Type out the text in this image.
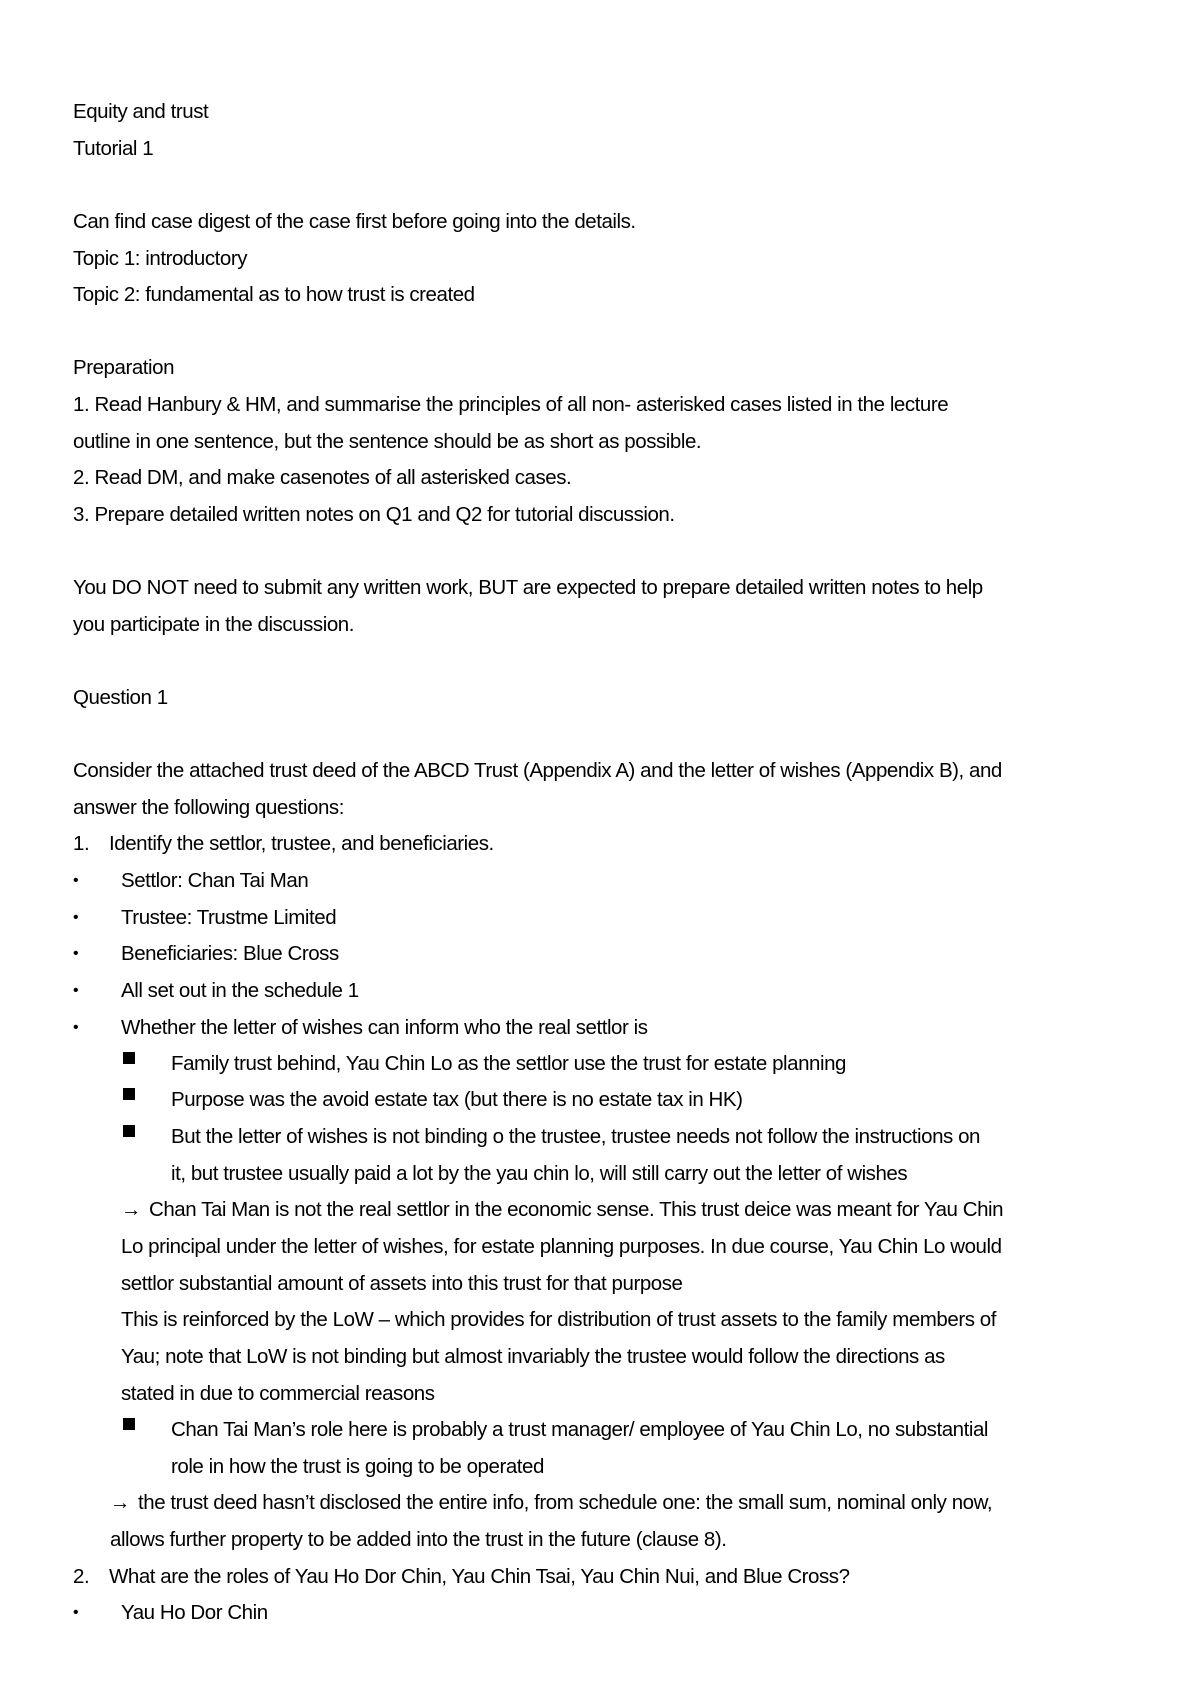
Equity and trust
Tutorial 1
Can find case digest of the case first before going into the details.
Topic 1: introductory
Topic 2: fundamental as to how trust is created
Preparation
1. Read Hanbury & HM, and summarise the principles of all non- asterisked cases listed in the lecture
outline in one sentence, but the sentence should be as short as possible.
2. Read DM, and make casenotes of all asterisked cases.
3. Prepare detailed written notes on Q1 and Q2 for tutorial discussion.
You DO NOT need to submit any written work, BUT are expected to prepare detailed written notes to help
you participate in the discussion.
Question 1
Consider the attached trust deed of the ABCD Trust (Appendix A) and the letter of wishes (Appendix B), and
answer the following questions:
1. Identify the settlor, trustee, and beneficiaries.
• Settlor: Chan Tai Man
• Trustee: Trustme Limited
• Beneficiaries: Blue Cross
• All set out in the schedule 1
• Whether the letter of wishes can inform who the real settlor is
Family trust behind, Yau Chin Lo as the settlor use the trust for estate planning
Purpose was the avoid estate tax (but there is no estate tax in HK)
But the letter of wishes is not binding o the trustee, trustee needs not follow the instructions on
it, but trustee usually paid a lot by the yau chin lo, will still carry out the letter of wishes
→ Chan Tai Man is not the real settlor in the economic sense. This trust deice was meant for Yau Chin
Lo principal under the letter of wishes, for estate planning purposes. In due course, Yau Chin Lo would
settlor substantial amount of assets into this trust for that purpose
This is reinforced by the LoW – which provides for distribution of trust assets to the family members of
Yau; note that LoW is not binding but almost invariably the trustee would follow the directions as
stated in due to commercial reasons
Chan Tai Man’s role here is probably a trust manager/ employee of Yau Chin Lo, no substantial
role in how the trust is going to be operated
→ the trust deed hasn’t disclosed the entire info, from schedule one: the small sum, nominal only now,
allows further property to be added into the trust in the future (clause 8).
2. What are the roles of Yau Ho Dor Chin, Yau Chin Tsai, Yau Chin Nui, and Blue Cross?
• Yau Ho Dor Chin
